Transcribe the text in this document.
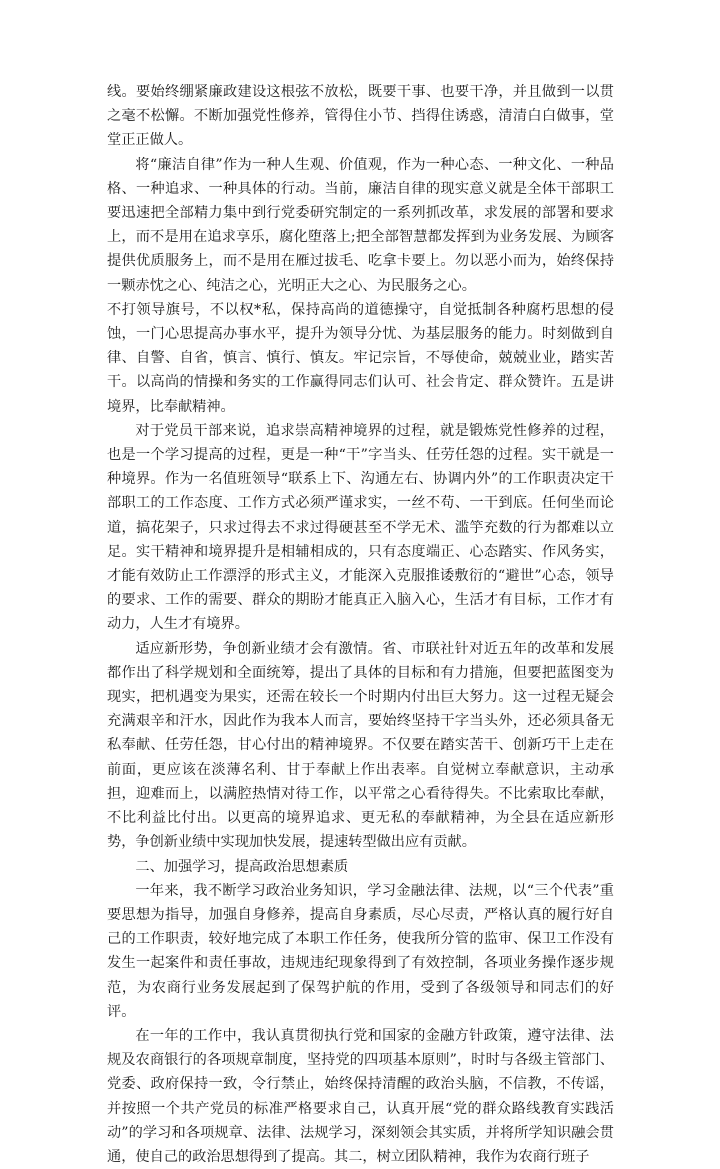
线。要始终绷紧廉政建设这根弦不放松，既要干事、也要干净，并且做到一以贯之毫不松懈。不断加强党性修养，管得住小节、挡得住诱惑，清清白白做事，堂堂正正做人。

将“廉洁自律”作为一种人生观、价值观，作为一种心态、一种文化、一种品格、一种追求、一种具体的行动。当前，廉洁自律的现实意义就是全体干部职工要迅速把全部精力集中到行党委研究制定的一系列抓改革，求发展的部署和要求上，而不是用在追求享乐，腐化堕落上;把全部智慧都发挥到为业务发展、为顾客提供优质服务上，而不是用在雁过拔毛、吃拿卡要上。勿以恶小而为，始终保持一颗赤忱之心、纯洁之心，光明正大之心、为民服务之心。

不打领导旗号，不以权*私，保持高尚的道德操守，自觉抵制各种腐朽思想的侵蚀，一门心思提高办事水平，提升为领导分忧、为基层服务的能力。时刻做到自律、自警、自省，慎言、慎行、慎友。牢记宗旨，不辱使命，兢兢业业，踏实苦干。以高尚的情操和务实的工作赢得同志们认可、社会肯定、群众赞许。五是讲境界，比奉献精神。

对于党员干部来说，追求崇高精神境界的过程，就是锻炼党性修养的过程，也是一个学习提高的过程，更是一种“干”字当头、任劳任怨的过程。实干就是一种境界。作为一名值班领导“联系上下、沟通左右、协调内外”的工作职责决定干部职工的工作态度、工作方式必须严谨求实，一丝不苟、一干到底。任何坐而论道，搞花架子，只求过得去不求过得硬甚至不学无术、滥竽充数的行为都难以立足。实干精神和境界提升是相辅相成的，只有态度端正、心态踏实、作风务实，才能有效防止工作漂浮的形式主义，才能深入克服推诿敷衍的“避世”心态，领导的要求、工作的需要、群众的期盼才能真正入脑入心，生活才有目标，工作才有动力，人生才有境界。

适应新形势，争创新业绩才会有激情。省、市联社针对近五年的改革和发展都作出了科学规划和全面统筹，提出了具体的目标和有力措施，但要把蓝图变为现实，把机遇变为果实，还需在较长一个时期内付出巨大努力。这一过程无疑会充满艰辛和汗水，因此作为我本人而言，要始终坚持干字当头外，还必须具备无私奉献、任劳任怨，甘心付出的精神境界。不仅要在踏实苦干、创新巧干上走在前面，更应该在淡薄名利、甘于奉献上作出表率。自觉树立奉献意识，主动承担，迎难而上，以满腔热情对待工作，以平常之心看待得失。不比索取比奉献，不比利益比付出。以更高的境界追求、更无私的奉献精神，为全县在适应新形势，争创新业绩中实现加快发展，提速转型做出应有贡献。

二、加强学习，提高政治思想素质

一年来，我不断学习政治业务知识，学习金融法律、法规，以“三个代表”重要思想为指导，加强自身修养，提高自身素质，尽心尽责，严格认真的履行好自己的工作职责，较好地完成了本职工作任务，使我所分管的监审、保卫工作没有发生一起案件和责任事故，违规违纪现象得到了有效控制，各项业务操作逐步规范，为农商行业务发展起到了保驾护航的作用，受到了各级领导和同志们的好评。

在一年的工作中，我认真贯彻执行党和国家的金融方针政策，遵守法律、法规及农商银行的各项规章制度，坚持党的四项基本原则”，时时与各级主管部门、党委、政府保持一致，令行禁止，始终保持清醒的政治头脑，不信教，不传谣，并按照一个共产党员的标准严格要求自己，认真开展“党的群众路线教育实践活动”的学习和各项规章、法律、法规学习，深刻领会其实质，并将所学知识融会贯通，使自己的政治思想得到了提高。其二，树立团队精神，我作为农商行班子
